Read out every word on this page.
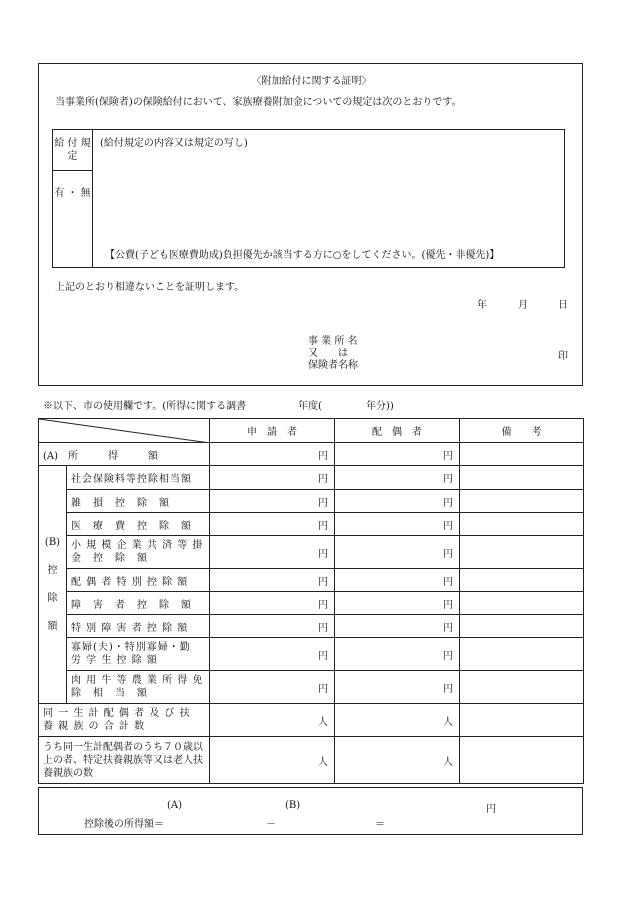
〈附加給付に関する証明〉
当事業所(保険者)の保険給付において、家族療養附加金についての規定は次のとおりです。
給 付 規 定
有 ・ 無
(給付規定の内容又は規定の写し)
【公費(子ども医療費助成)負担優先か該当する方に○をしてください。(優先・非優先)】
上記のとおり相違ないことを証明します。
年	月	日
事 業 所 名
又　　は
保険者名称
印
※以下、市の使用欄です。(所得に関する調書	年度(	年分))
	申　請　者	配　偶　者	備　　考
(A)　所　　　得　　　額		円	円	

(B)
控
除
額	社会保険料等控除相当額	円	円	
	雑　損　控　除　額	円	円	
	医　療　費　控　除　額	円	円	
	小 規 模 企 業 共 済 等 掛　金　控　除　額	円	円	
	配 偶 者 特 別 控 除 額	円	円	
	障　害　者　控　除　額	円	円	
	特 別 障 害 者 控 除 額	円	円	
	寡婦(夫)・特別寡婦・勤 労 学 生 控 除 額	円	円	
	肉 用 牛 等 農 業 所 得 免　除　相　当　額	円	円	
同 一 生 計 配 偶 者 及 び 扶 養 親 族 の 合 計 数		人	人	
うち同一生計配偶者のうち７０歳以上の者、特定扶養親族等又は老人扶養親族の数		人	人	
(A)	(B)	円
控除後の所得額＝	－	＝
